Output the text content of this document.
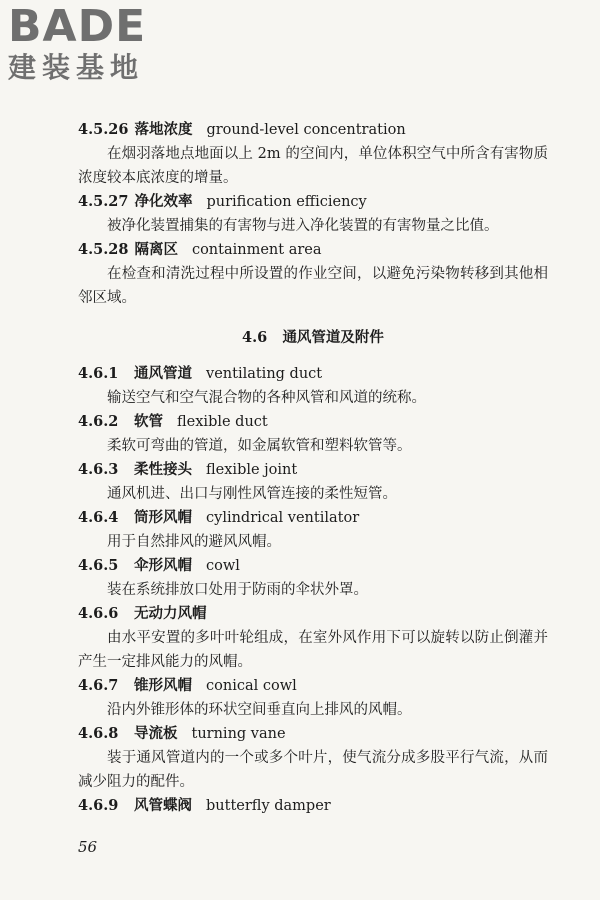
BADE
建装基地
4.5.26 落地浓度 ground-level concentration
在烟羽落地点地面以上 2m 的空间内，单位体积空气中所含有害物质浓度较本底浓度的增量。
4.5.27 净化效率 purification efficiency
被净化装置捕集的有害物与进入净化装置的有害物量之比值。
4.5.28 隔离区 containment area
在检查和清洗过程中所设置的作业空间，以避免污染物转移到其他相邻区域。
4.6 通风管道及附件
4.6.1 通风管道 ventilating duct
输送空气和空气混合物的各种风管和风道的统称。
4.6.2 软管 flexible duct
柔软可弯曲的管道，如金属软管和塑料软管等。
4.6.3 柔性接头 flexible joint
通风机进、出口与刚性风管连接的柔性短管。
4.6.4 筒形风帽 cylindrical ventilator
用于自然排风的避风风帽。
4.6.5 伞形风帽 cowl
装在系统排放口处用于防雨的伞状外罩。
4.6.6 无动力风帽
由水平安置的多叶叶轮组成，在室外风作用下可以旋转以防止倒灌并产生一定排风能力的风帽。
4.6.7 锥形风帽 conical cowl
沿内外锥形体的环状空间垂直向上排风的风帽。
4.6.8 导流板 turning vane
装于通风管道内的一个或多个叶片，使气流分成多股平行气流，从而减少阻力的配件。
4.6.9 风管蝶阀 butterfly damper
56
